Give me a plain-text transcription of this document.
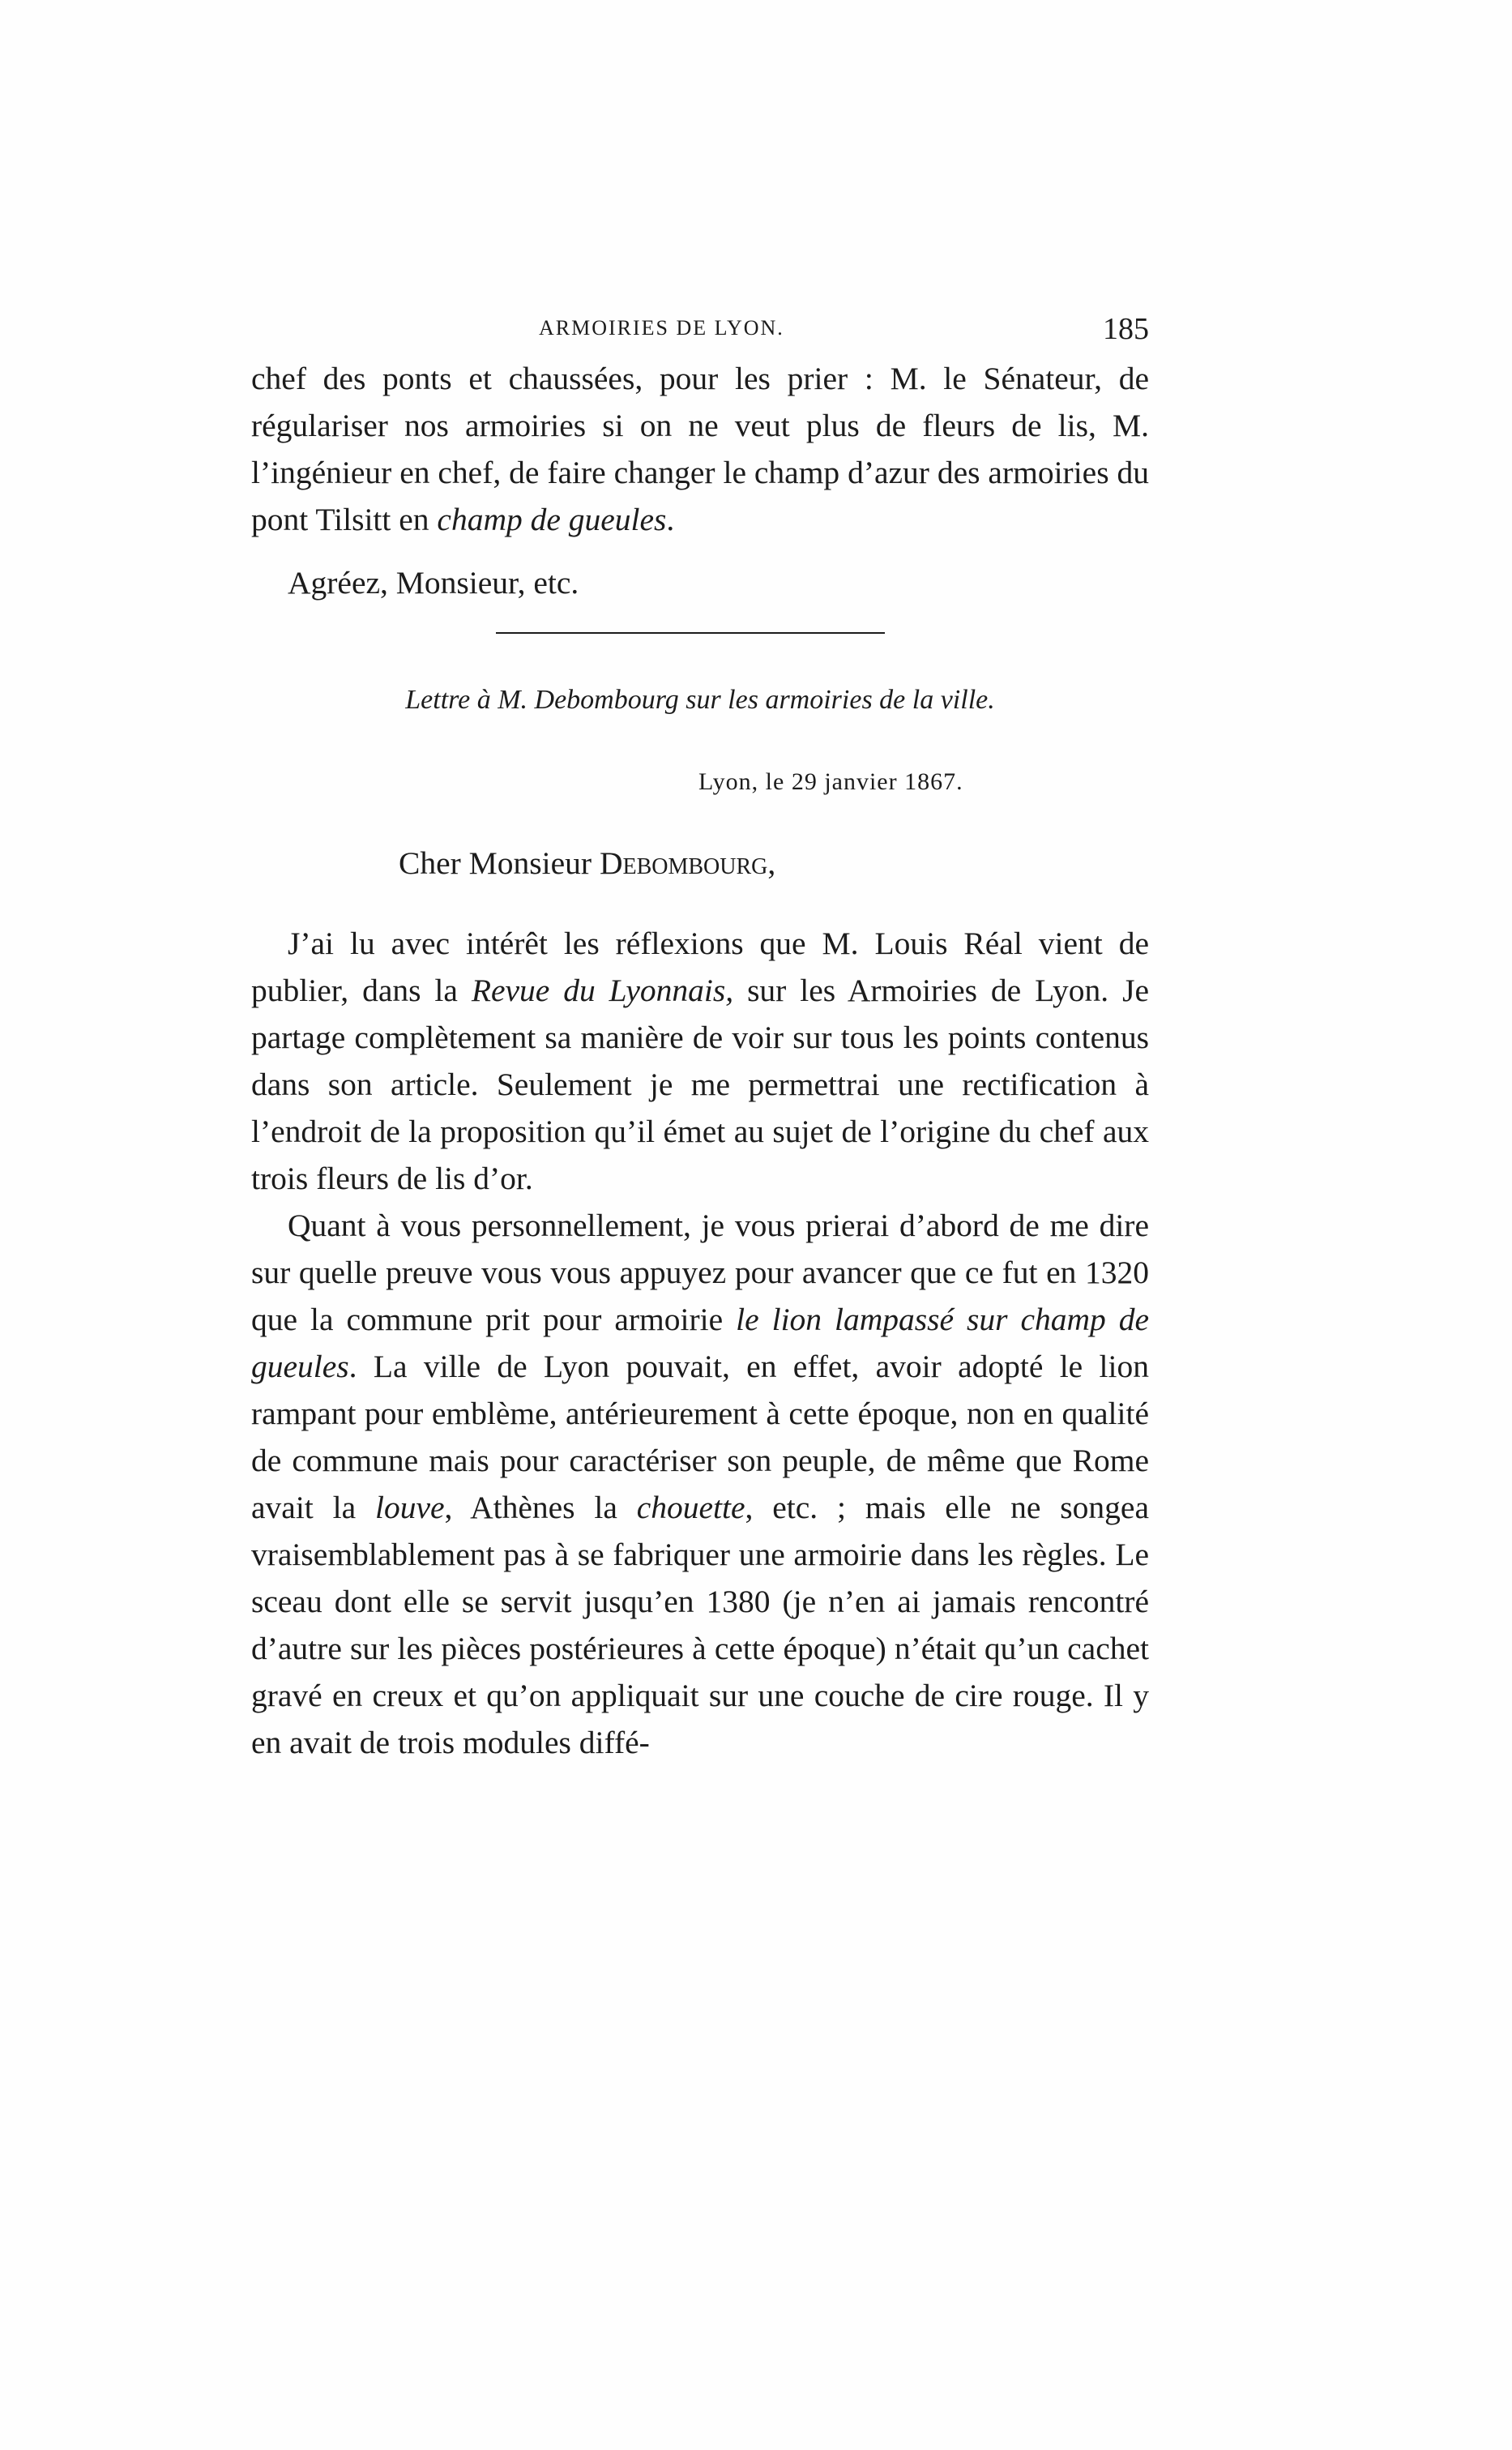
ARMOIRIES DE LYON.	185

chef des ponts et chaussées, pour les prier : M. le Sénateur, de régulariser nos armoiries si on ne veut plus de fleurs de lis, M. l’ingénieur en chef, de faire changer le champ d’azur des armoiries du pont Tilsitt en champ de gueules.

Agréez, Monsieur, etc.
Lettre à M. Debombourg sur les armoiries de la ville.
Lyon, le 29 janvier 1867.
Cher Monsieur Debombourg,

J’ai lu avec intérêt les réflexions que M. Louis Réal vient de publier, dans la Revue du Lyonnais, sur les Armoiries de Lyon. Je partage complètement sa manière de voir sur tous les points contenus dans son article. Seulement je me permettrai une rectification à l’endroit de la proposition qu’il émet au sujet de l’origine du chef aux trois fleurs de lis d’or.

Quant à vous personnellement, je vous prierai d’abord de me dire sur quelle preuve vous vous appuyez pour avancer que ce fut en 1320 que la commune prit pour armoirie le lion lampassé sur champ de gueules. La ville de Lyon pouvait, en effet, avoir adopté le lion rampant pour emblème, antérieurement à cette époque, non en qualité de commune mais pour caractériser son peuple, de même que Rome avait la louve, Athènes la chouette, etc. ; mais elle ne songea vraisemblablement pas à se fabriquer une armoirie dans les règles. Le sceau dont elle se servit jusqu’en 1380 (je n’en ai jamais rencontré d’autre sur les pièces postérieures à cette époque) n’était qu’un cachet gravé en creux et qu’on appliquait sur une couche de cire rouge. Il y en avait de trois modules diffé-
